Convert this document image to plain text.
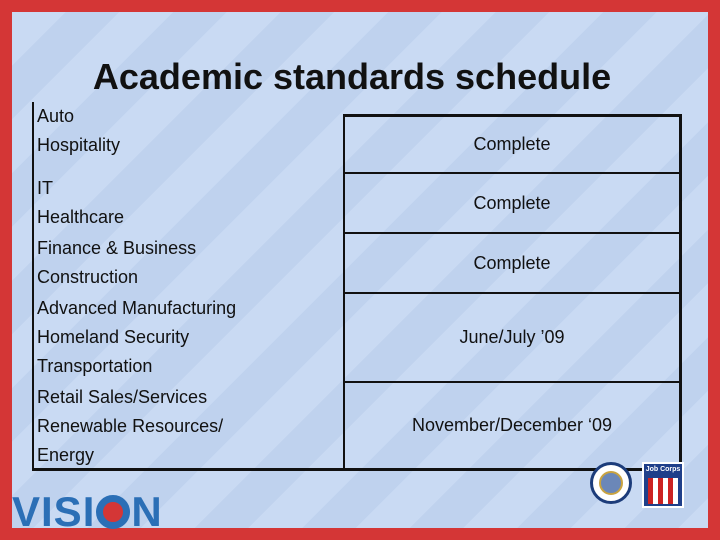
Academic standards schedule
Auto
Hospitality	Complete
IT
Healthcare
Complete
Finance & Business
Construction
Complete
Advanced Manufacturing
Homeland Security
Transportation
June/July ’09
Retail Sales/Services
Renewable Resources/
Energy
November/December ‘09
VISI N
Job Corps
